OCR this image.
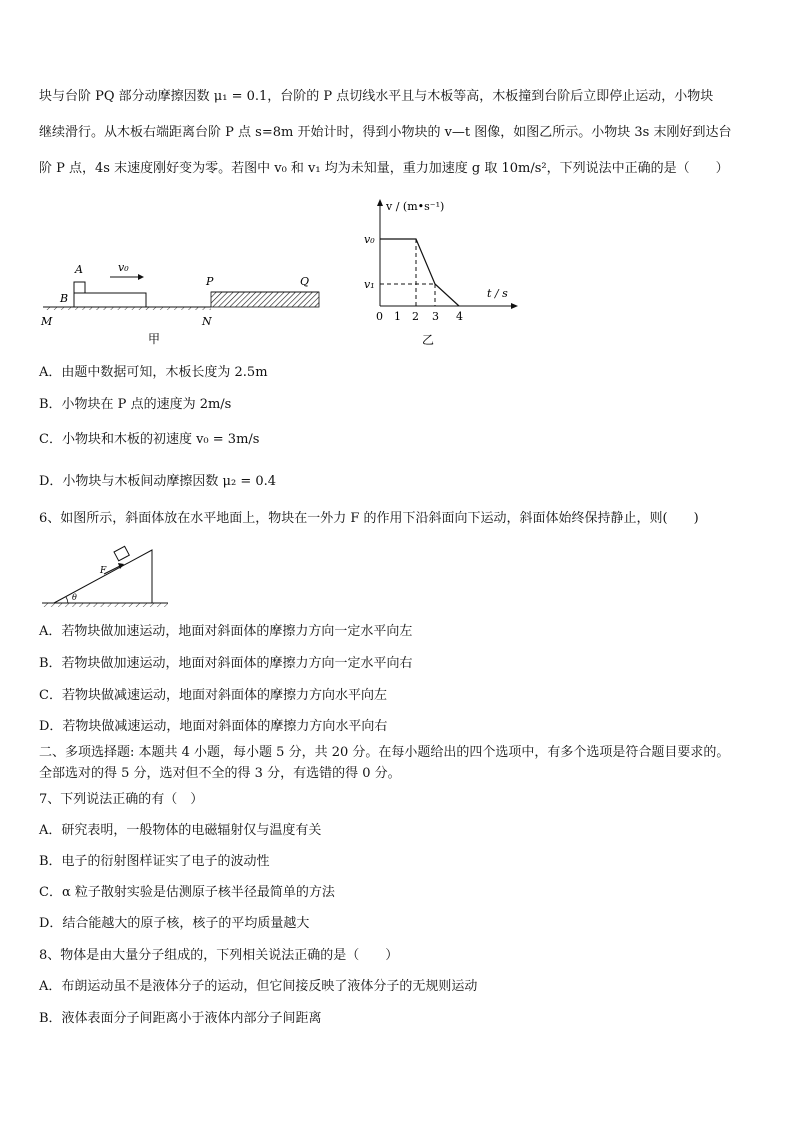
块与台阶 PQ 部分动摩擦因数 μ₁ = 0.1，台阶的 P 点切线水平且与木板等高，木板撞到台阶后立即停止运动，小物块
继续滑行。从木板右端距离台阶 P 点 s=8m 开始计时，得到小物块的 v—t 图像，如图乙所示。小物块 3s 末刚好到达台
阶 P 点，4s 末速度刚好变为零。若图中 v₀ 和 v₁ 均为未知量，重力加速度 g 取 10m/s²，下列说法中正确的是（　　）
A
B
M	N
P	Q
v₀
甲
v / (m•s⁻¹)
t / s
v₀
v₁
0 1 2 3 4
乙
A．由题中数据可知，木板长度为 2.5m
B．小物块在 P 点的速度为 2m/s
C．小物块和木板的初速度 v₀ = 3m/s
D．小物块与木板间动摩擦因数 μ₂ = 0.4
6、如图所示，斜面体放在水平地面上，物块在一外力 F 的作用下沿斜面向下运动，斜面体始终保持静止，则(　　)
F
θ
A．若物块做加速运动，地面对斜面体的摩擦力方向一定水平向左
B．若物块做加速运动，地面对斜面体的摩擦力方向一定水平向右
C．若物块做减速运动，地面对斜面体的摩擦力方向水平向左
D．若物块做减速运动，地面对斜面体的摩擦力方向水平向右
二、多项选择题: 本题共 4 小题，每小题 5 分，共 20 分。在每小题给出的四个选项中，有多个选项是符合题目要求的。
全部选对的得 5 分，选对但不全的得 3 分，有选错的得 0 分。
7、下列说法正确的有（　）
A．研究表明，一般物体的电磁辐射仅与温度有关
B．电子的衍射图样证实了电子的波动性
C．α 粒子散射实验是估测原子核半径最简单的方法
D．结合能越大的原子核，核子的平均质量越大
8、物体是由大量分子组成的，下列相关说法正确的是（　　）
A．布朗运动虽不是液体分子的运动，但它间接反映了液体分子的无规则运动
B．液体表面分子间距离小于液体内部分子间距离
